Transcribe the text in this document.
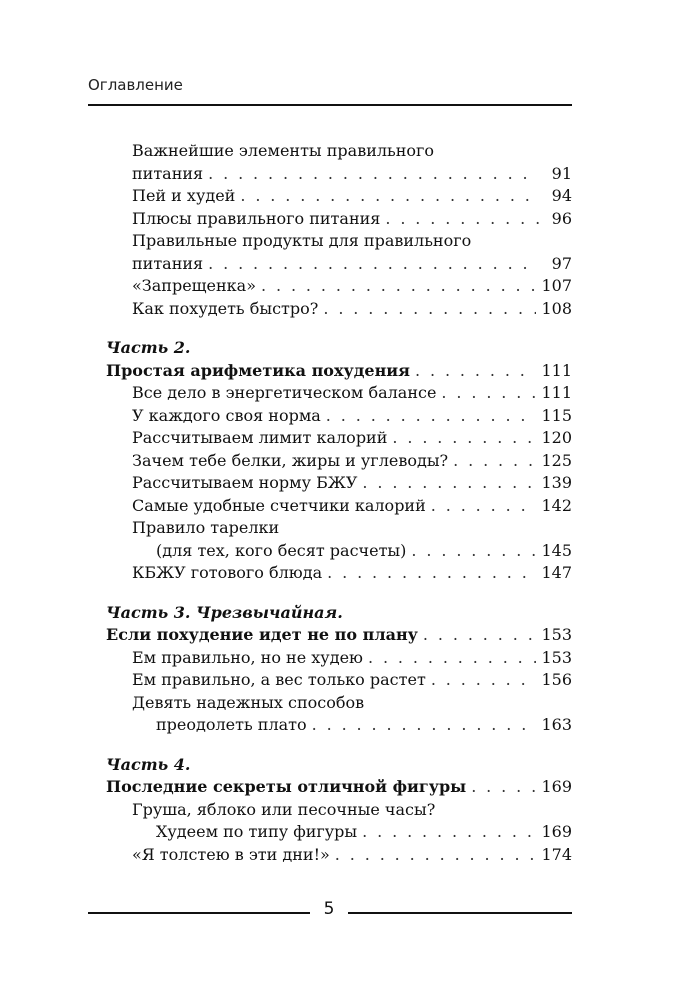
Оглавление
Важнейшие элементы правильного
питания . . .	91
Пей и худей . . .	94
Плюсы правильного питания . . .	96
Правильные продукты для правильного
питания . . .	97
«Запрещенка» . . .	107
Как похудеть быстро? . . .	108
Часть 2.
Простая арифметика похудения . . .	111
Все дело в энергетическом балансе . . .	111
У каждого своя норма . . .	115
Рассчитываем лимит калорий . . .	120
Зачем тебе белки, жиры и углеводы? . . .	125
Рассчитываем норму БЖУ . . .	139
Самые удобные счетчики калорий . . .	142
Правило тарелки
(для тех, кого бесят расчеты) . . .	145
КБЖУ готового блюда . . .	147
Часть 3. Чрезвычайная.
Если похудение идет не по плану . . .	153
Ем правильно, но не худею . . .	153
Ем правильно, а вес только растет . . .	156
Девять надежных способов
преодолеть плато . . .	163
Часть 4.
Последние секреты отличной фигуры . . .	169
Груша, яблоко или песочные часы?
Худеем по типу фигуры . . .	169
«Я толстею в эти дни!» . . .	174
5
